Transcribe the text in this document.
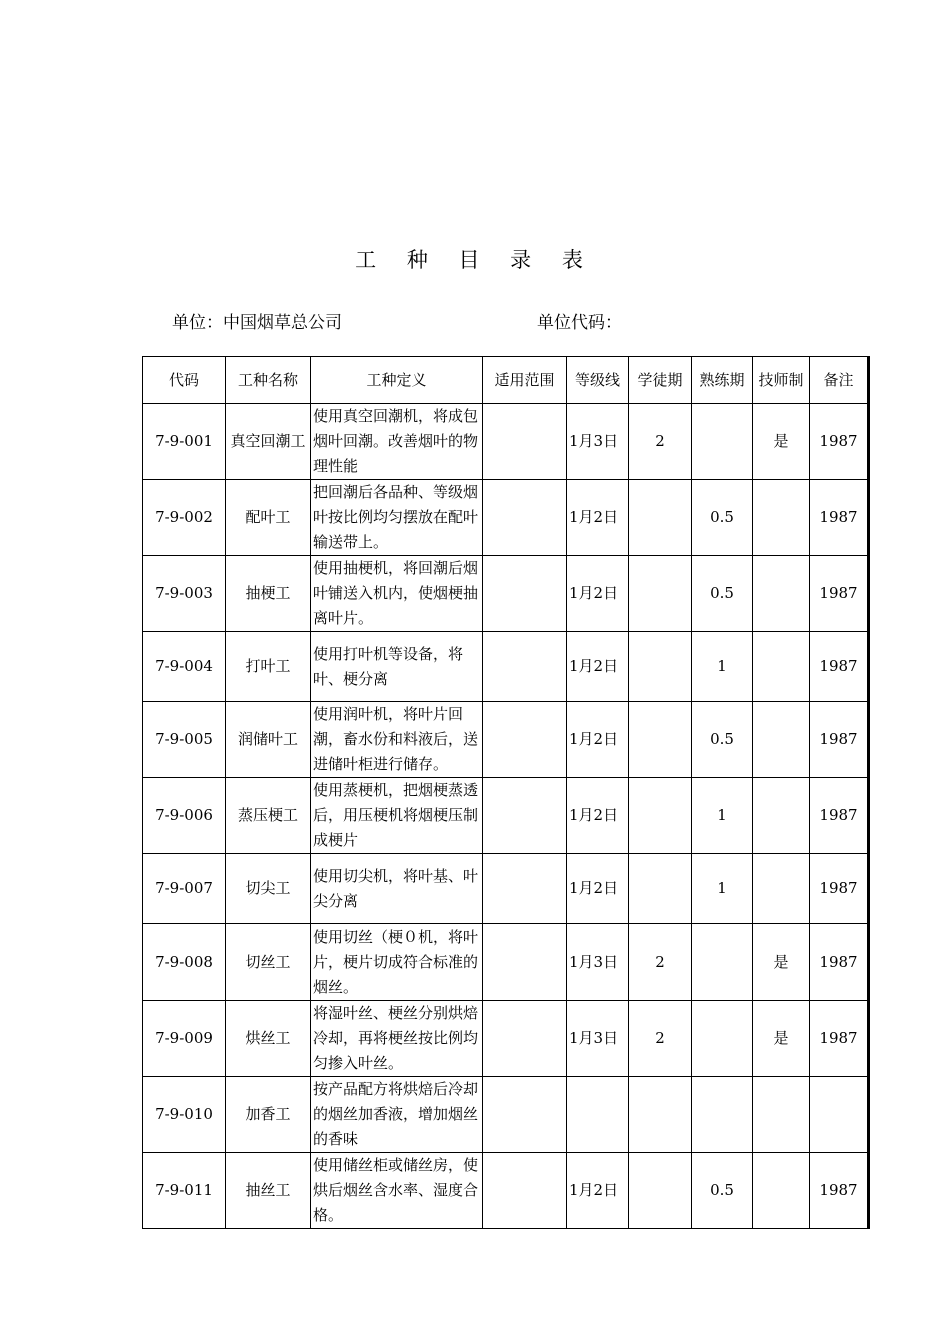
工 种 目 录 表
单位：中国烟草总公司	单位代码：
代码	工种名称	工种定义	适用范围	等级线	学徒期	熟练期	技师制	备注
7-9-001	真空回潮工	使用真空回潮机，将成包烟叶回潮。改善烟叶的物理性能		1月3日	2		是	1987
7-9-002	配叶工	把回潮后各品种、等级烟叶按比例均匀摆放在配叶输送带上。		1月2日		0.5		1987
7-9-003	抽梗工	使用抽梗机，将回潮后烟叶铺送入机内，使烟梗抽离叶片。		1月2日		0.5		1987
7-9-004	打叶工	使用打叶机等设备，将叶、梗分离		1月2日		1		1987
7-9-005	润储叶工	使用润叶机，将叶片回潮，畜水份和料液后，送进储叶柜进行储存。		1月2日		0.5		1987
7-9-006	蒸压梗工	使用蒸梗机，把烟梗蒸透后，用压梗机将烟梗压制成梗片		1月2日		1		1987
7-9-007	切尖工	使用切尖机，将叶基、叶尖分离		1月2日		1		1987
7-9-008	切丝工	使用切丝（梗０机，将叶片，梗片切成符合标准的烟丝。		1月3日	2		是	1987
7-9-009	烘丝工	将湿叶丝、梗丝分别烘焙冷却，再将梗丝按比例均匀掺入叶丝。		1月3日	2		是	1987
7-9-010	加香工	按产品配方将烘焙后冷却的烟丝加香液，增加烟丝的香味						
7-9-011	抽丝工	使用储丝柜或储丝房，使烘后烟丝含水率、湿度合格。		1月2日		0.5		1987
